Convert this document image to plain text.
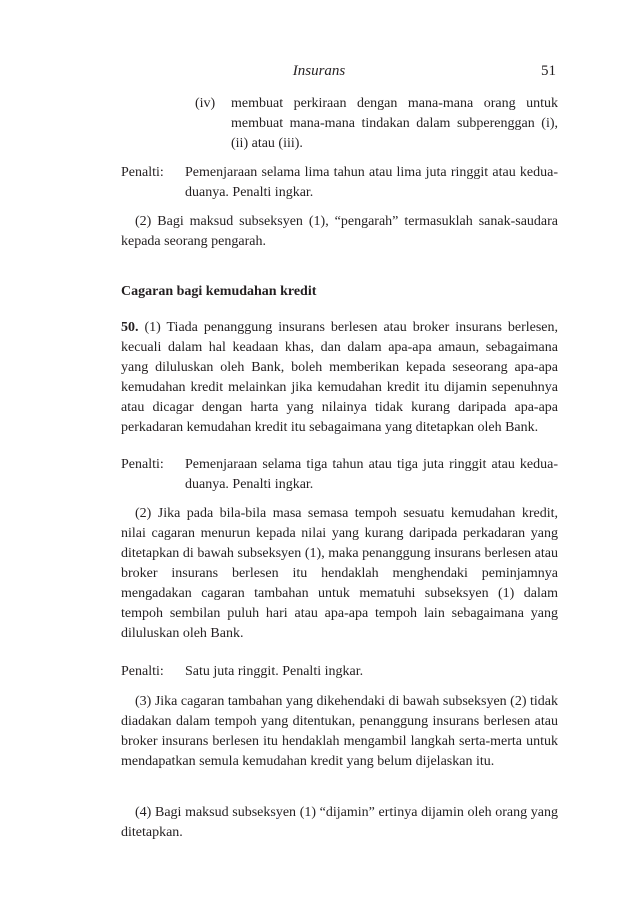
Insurans	51
(iv) membuat perkiraan dengan mana-mana orang untuk membuat mana-mana tindakan dalam subperenggan (i), (ii) atau (iii).
Penalti: Pemenjaraan selama lima tahun atau lima juta ringgit atau kedua-duanya. Penalti ingkar.

(2) Bagi maksud subseksyen (1), “pengarah” termasuklah sanak-saudara kepada seorang pengarah.

Cagaran bagi kemudahan kredit

50. (1) Tiada penanggung insurans berlesen atau broker insurans berlesen, kecuali dalam hal keadaan khas, dan dalam apa-apa amaun, sebagaimana yang diluluskan oleh Bank, boleh memberikan kepada seseorang apa-apa kemudahan kredit melainkan jika kemudahan kredit itu dijamin sepenuhnya atau dicagar dengan harta yang nilainya tidak kurang daripada apa-apa perkadaran kemudahan kredit itu sebagaimana yang ditetapkan oleh Bank.

Penalti: Pemenjaraan selama tiga tahun atau tiga juta ringgit atau kedua-duanya. Penalti ingkar.

(2) Jika pada bila-bila masa semasa tempoh sesuatu kemudahan kredit, nilai cagaran menurun kepada nilai yang kurang daripada perkadaran yang ditetapkan di bawah subseksyen (1), maka penanggung insurans berlesen atau broker insurans berlesen itu hendaklah menghendaki peminjamnya mengadakan cagaran tambahan untuk mematuhi subseksyen (1) dalam tempoh sembilan puluh hari atau apa-apa tempoh lain sebagaimana yang diluluskan oleh Bank.

Penalti: Satu juta ringgit. Penalti ingkar.

(3) Jika cagaran tambahan yang dikehendaki di bawah subseksyen (2) tidak diadakan dalam tempoh yang ditentukan, penanggung insurans berlesen atau broker insurans berlesen itu hendaklah mengambil langkah serta-merta untuk mendapatkan semula kemudahan kredit yang belum dijelaskan itu.

(4) Bagi maksud subseksyen (1) “dijamin” ertinya dijamin oleh orang yang ditetapkan.
